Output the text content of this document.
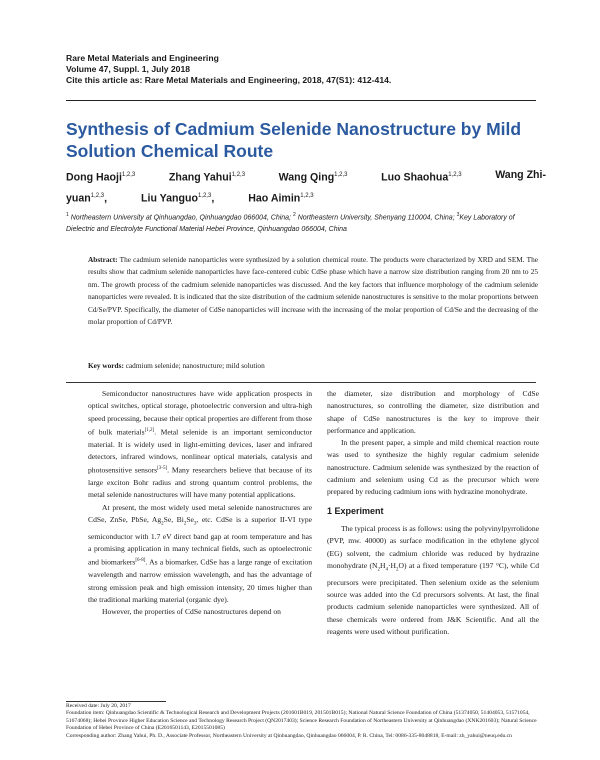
Rare Metal Materials and Engineering
Volume 47, Suppl. 1, July 2018
Cite this article as: Rare Metal Materials and Engineering, 2018, 47(S1): 412-414.
Synthesis of Cadmium Selenide Nanostructure by Mild Solution Chemical Route
Dong Haoji$^{1,2,3}$	Zhang Yahui$^{1,2,3}$	Wang Qing$^{1,2,3}$	Luo Shaohua$^{1,2,3}$	Wang Zhi-
yuan$^{1,2,3}$,	Liu Yanguo$^{1,2,3}$,	Hao Aimin$^{1,2,3}$
$^1$ Northeastern University at Qinhuangdao, Qinhuangdao 066004, China; $^2$ Northeastern University, Shenyang 110004, China; $^3$Key Laboratory of Dielectric and Electrolyte Functional Material Hebei Province, Qinhuangdao 066004, China
Abstract: The cadmium selenide nanoparticles were synthesized by a solution chemical route. The products were characterized by XRD and SEM. The results show that cadmium selenide nanoparticles have face-centered cubic CdSe phase which have a narrow size distribution ranging from 20 nm to 25 nm. The growth process of the cadmium selenide nanoparticles was discussed. And the key factors that influence morphology of the cadmium selenide nanoparticles were revealed. It is indicated that the size distribution of the cadmium selenide nanostructures is sensitive to the molar proportions between Cd/Se/PVP. Specifically, the diameter of CdSe nanoparticles will increase with the increasing of the molar proportion of Cd/Se and the decreasing of the molar proportion of Cd/PVP.
Key words: cadmium selenide; nanostructure; mild solution

Semiconductor nanostructures have wide application prospects in optical switches, optical storage, photoelectric conversion and ultra-high speed processing, because their optical properties are different from those of bulk materials[1,2]. Metal selenide is an important semiconductor material. It is widely used in light-emitting devices, laser and infrared detectors, infrared windows, nonlinear optical materials, catalysis and photosensitive sensors[3-5]. Many researchers believe that because of its large exciton Bohr radius and strong quantum control problems, the metal selenide nanostructures will have many potential applications.

At present, the most widely used metal selenide nanostructures are CdSe, ZnSe, PbSe, $Ag_2Se$, $Bi_2Se_3$, etc. CdSe is a superior II-VI type semiconductor with 1.7 eV direct band gap at room temperature and has a promising application in many technical fields, such as optoelectronic and biomarkers[6-8]. As a biomarker, CdSe has a large range of excitation wavelength and narrow emission wavelength, and has the advantage of strong emission peak and high emission intensity, 20 times higher than the traditional marking material (organic dye).

However, the properties of CdSe nanostructures depend on

the diameter, size distribution and morphology of CdSe nanostructures, so controlling the diameter, size distribution and shape of CdSe nanostructures is the key to improve their performance and application.

In the present paper, a simple and mild chemical reaction route was used to synthesize the highly regular cadmium selenide nanostructure. Cadmium selenide was synthesized by the reaction of cadmium and selenium using Cd as the precursor which were prepared by reducing cadmium ions with hydrazine monohydrate.

1 Experiment

The typical process is as follows: using the polyvinylpyrrolidone (PVP, mw. 40000) as surface modification in the ethylene glycol (EG) solvent, the cadmium chloride was reduced by hydrazine monohydrate $(N_2H_4\cdot H_2O)$ at a fixed temperature (197 °C), while Cd precursors were precipitated. Then selenium oxide as the selenium source was added into the Cd precursors solvents. At last, the final products cadmium selenide nanoparticles were synthesized. All of these chemicals were ordered from J&K Scientific. And all the reagents were used without purification.

Received date: July 20, 2017
Foundation item: Qinhuangdao Scientific & Technological Research and Development Projects (201601B019, 201501B015); National Natural Science Foundation of China (51374050, 51404053, 51571054, 51674068); Hebei Province Higher Education Science and Technology Research Project (QN2017403); Science Research Foundation of Northeastern University at Qinhuangdao (XNK201603); Natural Science Foundation of Hebei Province of China (E2016501143, E2015501085)
Corresponding author: Zhang Yahui, Ph. D., Associate Professor, Northeastern University at Qinhuangdao, Qinhuangdao 066004, P. R. China, Tel: 0086-335-8048818, E-mail: zh_yahui@neuq.edu.cn
